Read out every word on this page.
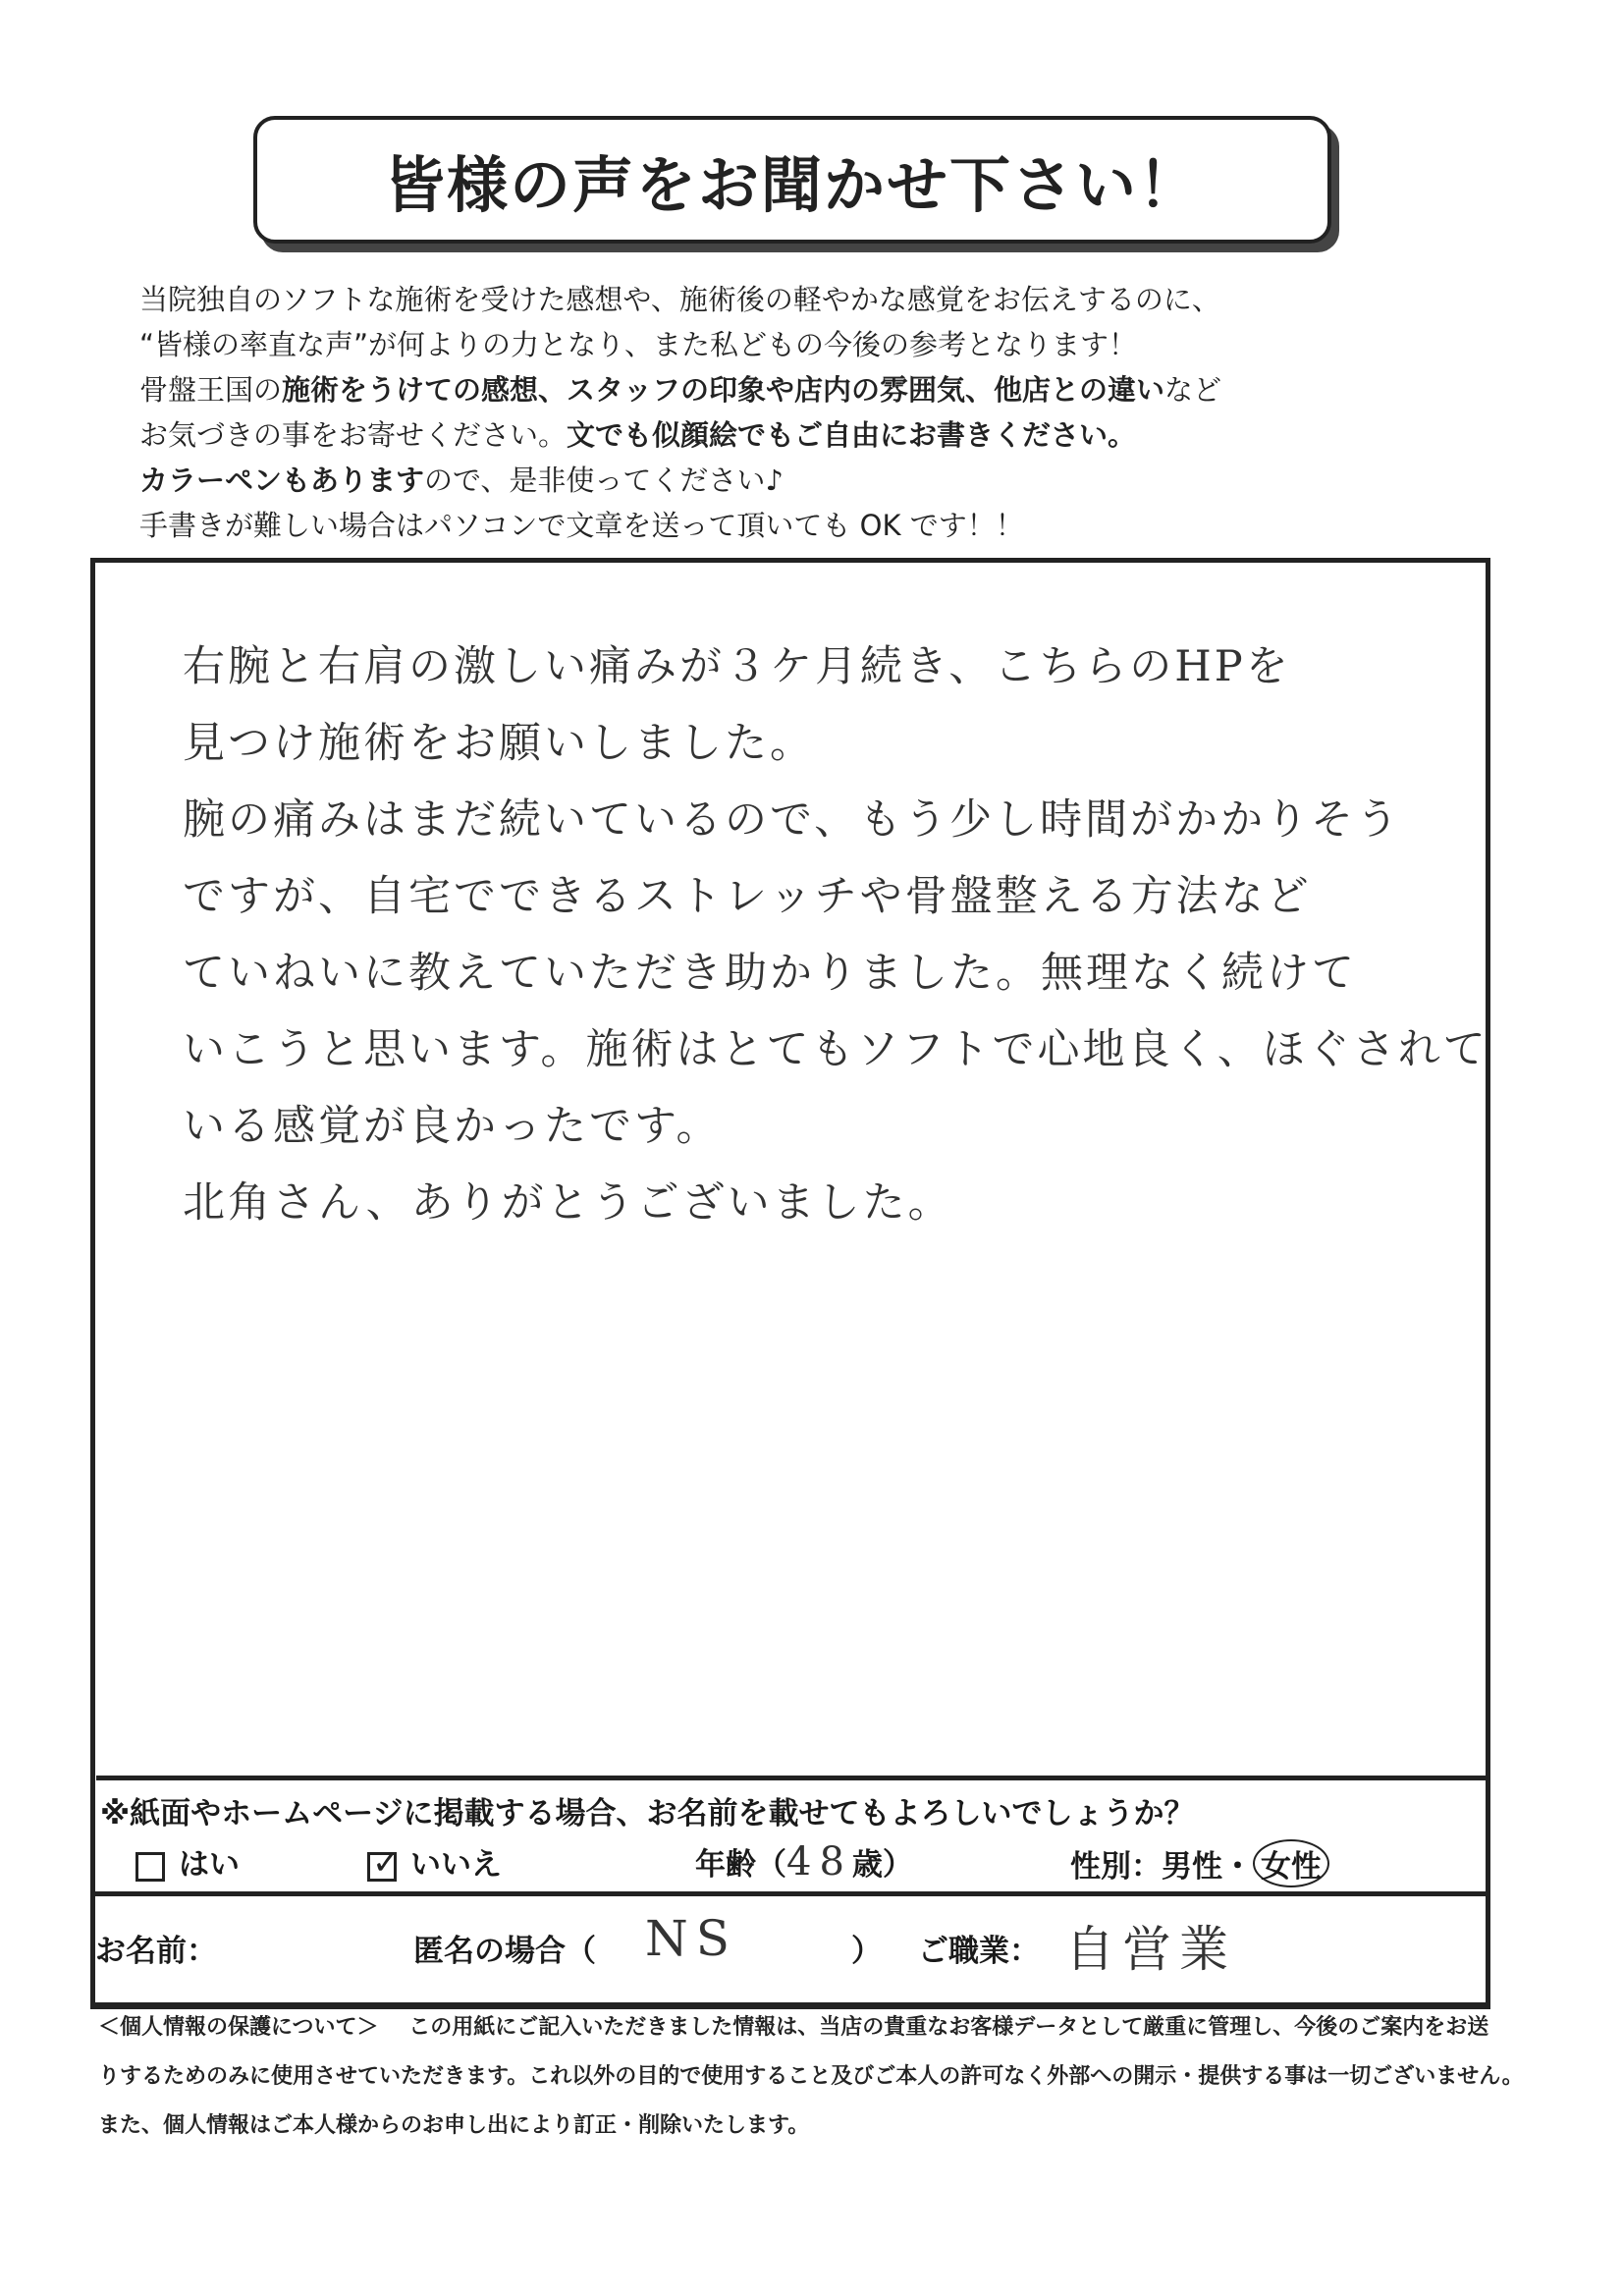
皆様の声をお聞かせ下さい！
当院独自のソフトな施術を受けた感想や、施術後の軽やかな感覚をお伝えするのに、
“皆様の率直な声”が何よりの力となり、また私どもの今後の参考となります！
骨盤王国の施術をうけての感想、スタッフの印象や店内の雰囲気、他店との違いなど
お気づきの事をお寄せください。文でも似顔絵でもご自由にお書きください。
カラーペンもありますので、是非使ってください♪
手書きが難しい場合はパソコンで文章を送って頂いても OK です！！
右腕と右肩の激しい痛みが３ケ月続き、こちらのHPを
見つけ施術をお願いしました。
腕の痛みはまだ続いているので、もう少し時間がかかりそう
ですが、自宅でできるストレッチや骨盤整える方法など
ていねいに教えていただき助かりました。無理なく続けて
いこうと思います。施術はとてもソフトで心地良く、ほぐされて
いる感覚が良かったです。
北角さん、ありがとうございました。
※紙面やホームページに掲載する場合、お名前を載せてもよろしいでしょうか？
はい	✓ いいえ	年齢（48歳）	性別：男性・ 女性
お名前：	匿名の場合（ NS	） ご職業： 自営業
＜個人情報の保護について＞ この用紙にご記入いただきました情報は、当店の貴重なお客様データとして厳重に管理し、今後のご案内をお送
りするためのみに使用させていただきます。これ以外の目的で使用すること及びご本人の許可なく外部への開示・提供する事は一切ございません。
また、個人情報はご本人様からのお申し出により訂正・削除いたします。
